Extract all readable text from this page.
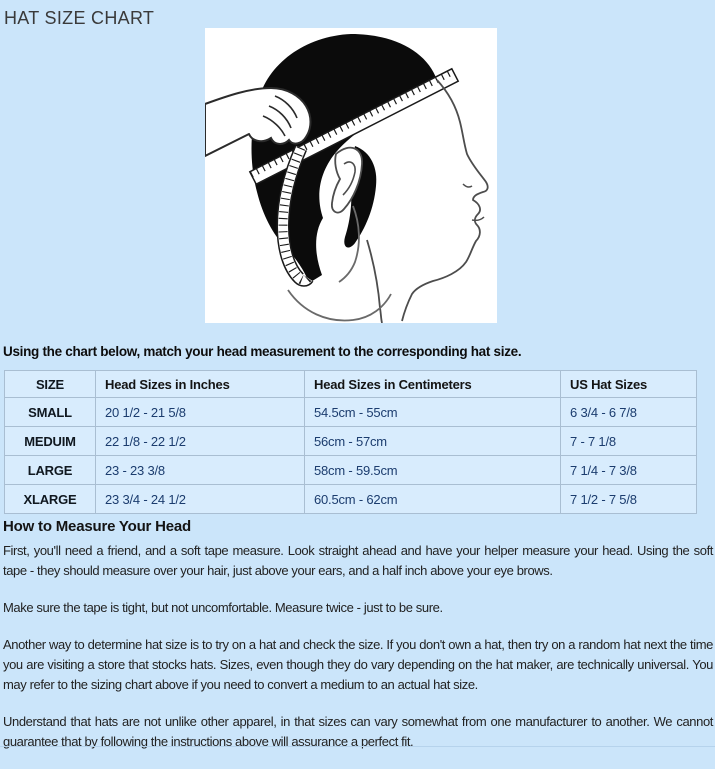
HAT SIZE CHART
Using the chart below, match your head measurement to the corresponding hat size.
SIZE	Head Sizes in Inches	Head Sizes in Centimeters	US Hat Sizes
SMALL	20 1/2 - 21 5/8	54.5cm - 55cm	6 3/4 - 6 7/8
MEDUIM	22 1/8 - 22 1/2	56cm - 57cm	7 - 7 1/8
LARGE	23 - 23 3/8	58cm - 59.5cm	7 1/4 - 7 3/8
XLARGE	23 3/4 - 24 1/2	60.5cm - 62cm	7 1/2 - 7 5/8
How to Measure Your Head

First, you'll need a friend, and a soft tape measure. Look straight ahead and have your helper measure your head. Using the soft tape - they should measure over your hair, just above your ears, and a half inch above your eye brows.

Make sure the tape is tight, but not uncomfortable. Measure twice - just to be sure.

Another way to determine hat size is to try on a hat and check the size. If you don't own a hat, then try on a random hat next the time you are visiting a store that stocks hats. Sizes, even though they do vary depending on the hat maker, are technically universal. You may refer to the sizing chart above if you need to convert a medium to an actual hat size.

Understand that hats are not unlike other apparel, in that sizes can vary somewhat from one manufacturer to another. We cannot guarantee that by following the instructions above will assurance a perfect fit.
